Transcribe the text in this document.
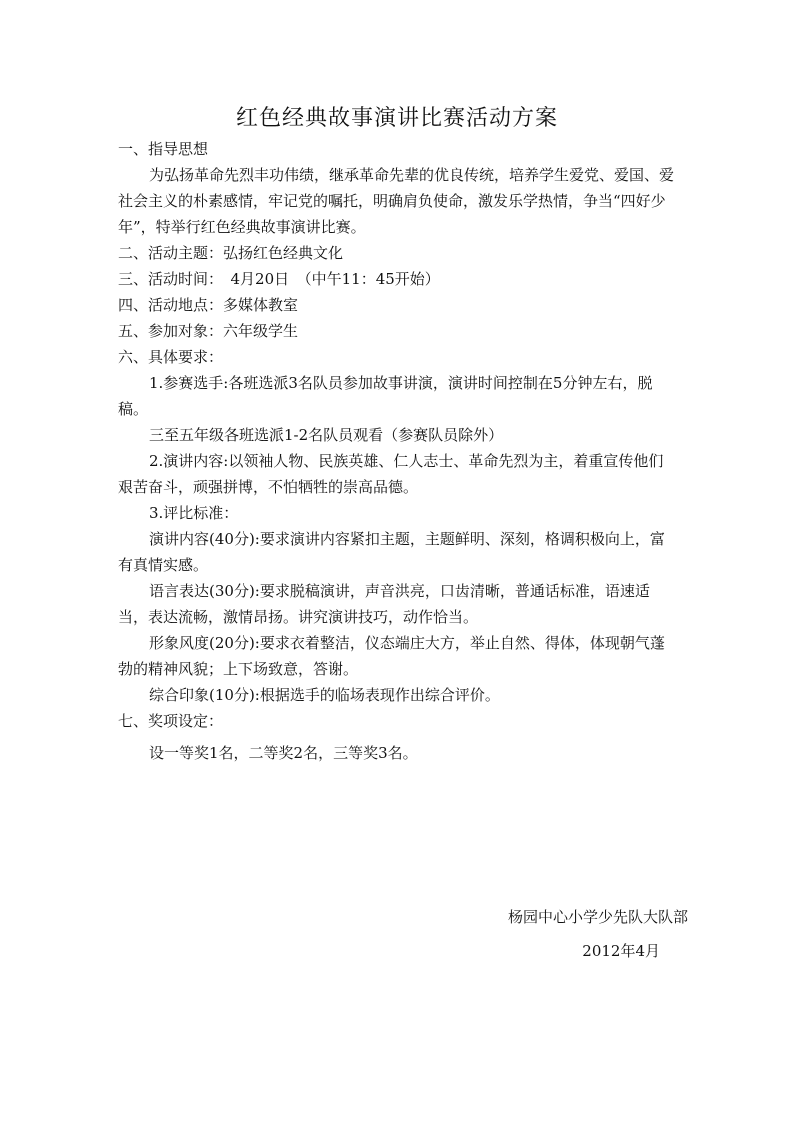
红色经典故事演讲比赛活动方案

一、指导思想

为弘扬革命先烈丰功伟绩，继承革命先辈的优良传统，培养学生爱党、爱国、爱社会主义的朴素感情，牢记党的嘱托，明确肩负使命，激发乐学热情，争当“四好少年”，特举行红色经典故事演讲比赛。

二、活动主题：弘扬红色经典文化

三、活动时间：　4月20日　（中午11：45开始）

四、活动地点：多媒体教室

五、参加对象：六年级学生

六、具体要求：

1.参赛选手:各班选派3名队员参加故事讲演，演讲时间控制在5分钟左右，脱稿。

三至五年级各班选派1-2名队员观看（参赛队员除外）

2.演讲内容:以领袖人物、民族英雄、仁人志士、革命先烈为主，着重宣传他们艰苦奋斗，顽强拼博，不怕牺牲的崇高品德。

3.评比标准：

演讲内容(40分):要求演讲内容紧扣主题，主题鲜明、深刻，格调积极向上，富有真情实感。

语言表达(30分):要求脱稿演讲，声音洪亮，口齿清晰，普通话标准，语速适当，表达流畅，激情昂扬。讲究演讲技巧，动作恰当。

形象风度(20分):要求衣着整洁，仪态端庄大方，举止自然、得体，体现朝气蓬勃的精神风貌；上下场致意，答谢。

综合印象(10分):根据选手的临场表现作出综合评价。

七、奖项设定：

设一等奖1名，二等奖2名，三等奖3名。

杨园中心小学少先队大队部
2012年4月
